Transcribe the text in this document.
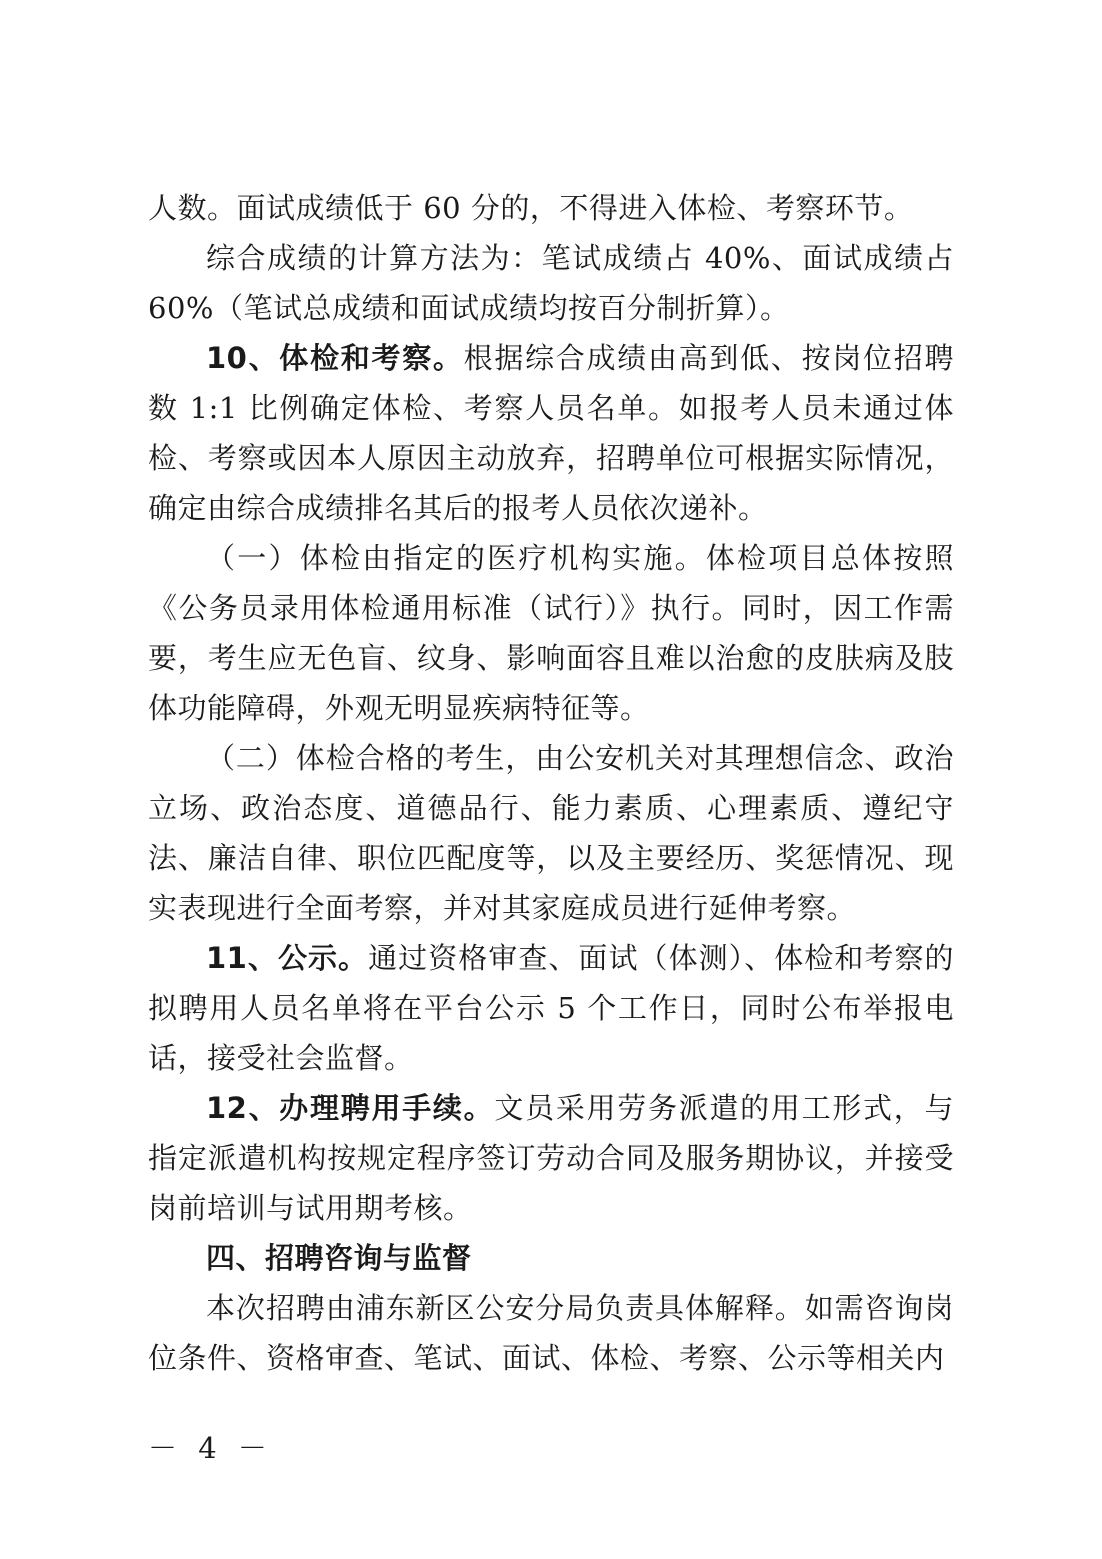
人数。面试成绩低于 60 分的，不得进入体检、考察环节。

综合成绩的计算方法为：笔试成绩占 40%、面试成绩占 60%（笔试总成绩和面试成绩均按百分制折算）。

10、体检和考察。根据综合成绩由高到低、按岗位招聘数 1:1 比例确定体检、考察人员名单。如报考人员未通过体检、考察或因本人原因主动放弃，招聘单位可根据实际情况，确定由综合成绩排名其后的报考人员依次递补。

（一）体检由指定的医疗机构实施。体检项目总体按照《公务员录用体检通用标准（试行）》执行。同时，因工作需要，考生应无色盲、纹身、影响面容且难以治愈的皮肤病及肢体功能障碍，外观无明显疾病特征等。

（二）体检合格的考生，由公安机关对其理想信念、政治立场、政治态度、道德品行、能力素质、心理素质、遵纪守法、廉洁自律、职位匹配度等，以及主要经历、奖惩情况、现实表现进行全面考察，并对其家庭成员进行延伸考察。

11、公示。通过资格审查、面试（体测）、体检和考察的拟聘用人员名单将在平台公示 5 个工作日，同时公布举报电话，接受社会监督。

12、办理聘用手续。文员采用劳务派遣的用工形式，与指定派遣机构按规定程序签订劳动合同及服务期协议，并接受岗前培训与试用期考核。

四、招聘咨询与监督

本次招聘由浦东新区公安分局负责具体解释。如需咨询岗位条件、资格审查、笔试、面试、体检、考察、公示等相关内

－ 4 －
